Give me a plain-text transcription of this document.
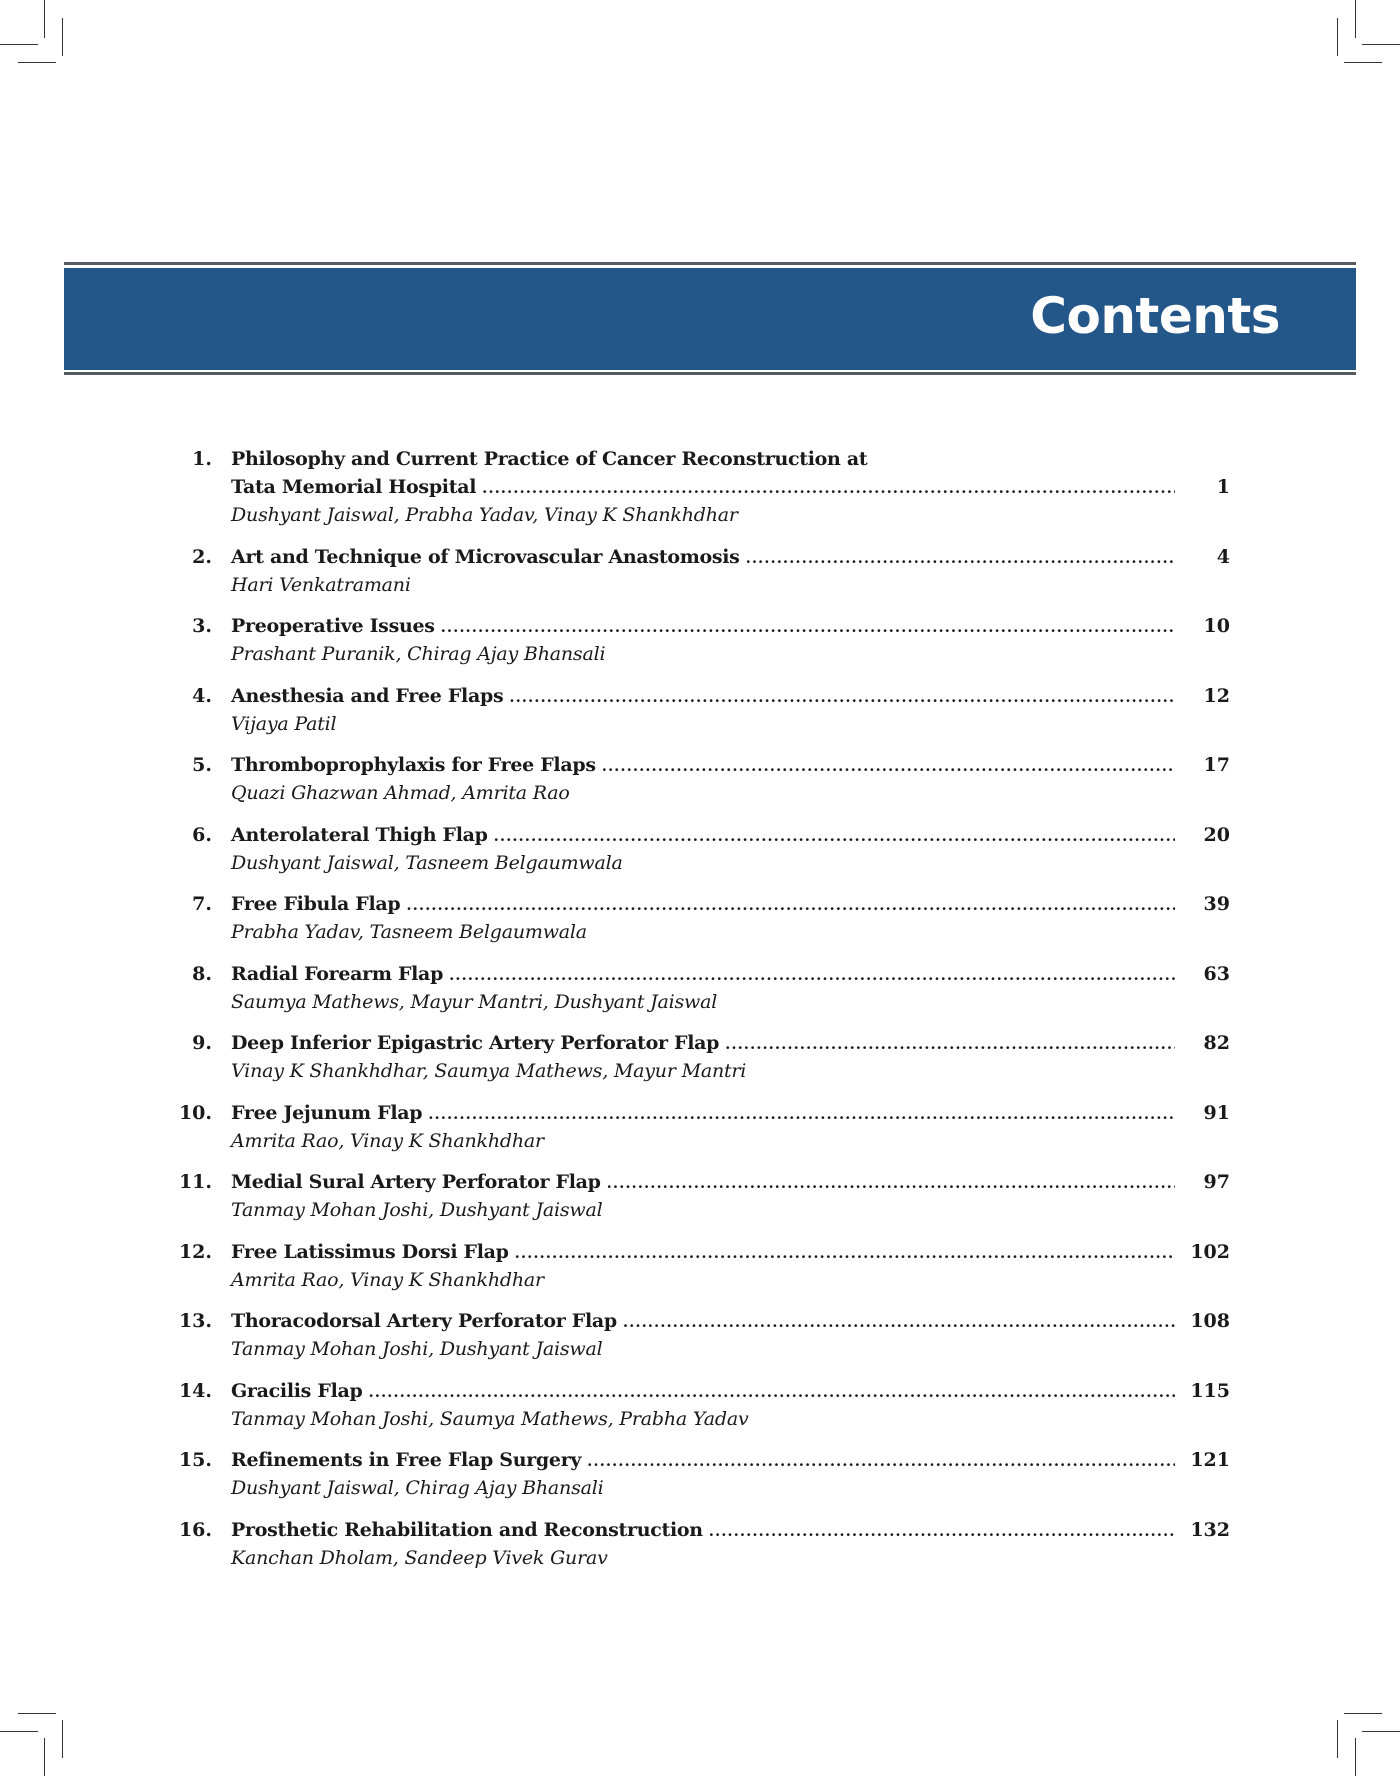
Contents
1. Philosophy and Current Practice of Cancer Reconstruction at
Tata Memorial Hospital .....	1
Dushyant Jaiswal, Prabha Yadav, Vinay K Shankhdhar
2. Art and Technique of Microvascular Anastomosis .....	4
Hari Venkatramani
3. Preoperative Issues .....	10
Prashant Puranik, Chirag Ajay Bhansali
4. Anesthesia and Free Flaps .....	12
Vijaya Patil
5. Thromboprophylaxis for Free Flaps .....	17
Quazi Ghazwan Ahmad, Amrita Rao
6. Anterolateral Thigh Flap .....	20
Dushyant Jaiswal, Tasneem Belgaumwala
7. Free Fibula Flap .....	39
Prabha Yadav, Tasneem Belgaumwala
8. Radial Forearm Flap .....	63
Saumya Mathews, Mayur Mantri, Dushyant Jaiswal
9. Deep Inferior Epigastric Artery Perforator Flap .....	82
Vinay K Shankhdhar, Saumya Mathews, Mayur Mantri
10. Free Jejunum Flap .....	91
Amrita Rao, Vinay K Shankhdhar
11. Medial Sural Artery Perforator Flap .....	97
Tanmay Mohan Joshi, Dushyant Jaiswal
12. Free Latissimus Dorsi Flap .....	102
Amrita Rao, Vinay K Shankhdhar
13. Thoracodorsal Artery Perforator Flap .....	108
Tanmay Mohan Joshi, Dushyant Jaiswal
14. Gracilis Flap .....	115
Tanmay Mohan Joshi, Saumya Mathews, Prabha Yadav
15. Refinements in Free Flap Surgery .....	121
Dushyant Jaiswal, Chirag Ajay Bhansali
16. Prosthetic Rehabilitation and Reconstruction .....	132
Kanchan Dholam, Sandeep Vivek Gurav
